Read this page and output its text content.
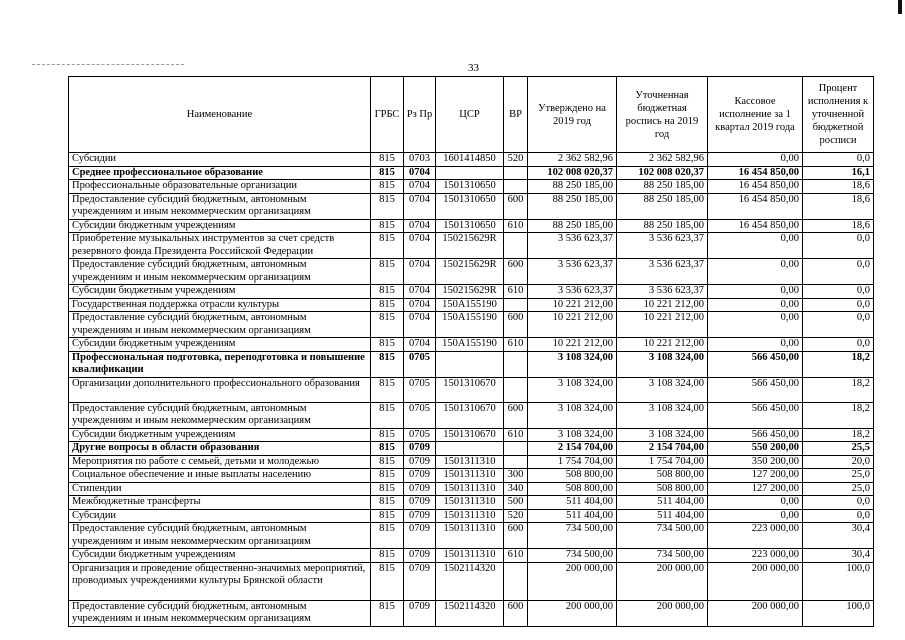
33
Наименование	ГРБС	Рз Пр	ЦСР	ВР	Утверждено на 2019 год	Уточненная бюджетная роспись на 2019 год	Кассовое исполнение за 1 квартал 2019 года	Процент исполнения к уточненной бюджетной росписи
Субсидии	815	0703	1601414850	520	2 362 582,96	2 362 582,96	0,00	0,0
Среднее профессиональное образование	815	0704			102 008 020,37	102 008 020,37	16 454 850,00	16,1
Профессиональные образовательные организации	815	0704	1501310650		88 250 185,00	88 250 185,00	16 454 850,00	18,6
Предоставление субсидий бюджетным, автономным учреждениям и иным некоммерческим организациям	815	0704	1501310650	600	88 250 185,00	88 250 185,00	16 454 850,00	18,6
Субсидии бюджетным учреждениям	815	0704	1501310650	610	88 250 185,00	88 250 185,00	16 454 850,00	18,6
Приобретение музыкальных инструментов за счет средств резервного фонда Президента Российской Федерации	815	0704	150215629R		3 536 623,37	3 536 623,37	0,00	0,0
Предоставление субсидий бюджетным, автономным учреждениям и иным некоммерческим организациям	815	0704	150215629R	600	3 536 623,37	3 536 623,37	0,00	0,0
Субсидии бюджетным учреждениям	815	0704	150215629R	610	3 536 623,37	3 536 623,37	0,00	0,0
Государственная поддержка отрасли культуры	815	0704	150A155190		10 221 212,00	10 221 212,00	0,00	0,0
Предоставление субсидий бюджетным, автономным учреждениям и иным некоммерческим организациям	815	0704	150A155190	600	10 221 212,00	10 221 212,00	0,00	0,0
Субсидии бюджетным учреждениям	815	0704	150A155190	610	10 221 212,00	10 221 212,00	0,00	0,0
Профессиональная подготовка, переподготовка и повышение квалификации	815	0705			3 108 324,00	3 108 324,00	566 450,00	18,2
Организации дополнительного профессионального образования	815	0705	1501310670		3 108 324,00	3 108 324,00	566 450,00	18,2
Предоставление субсидий бюджетным, автономным учреждениям и иным некоммерческим организациям	815	0705	1501310670	600	3 108 324,00	3 108 324,00	566 450,00	18,2
Субсидии бюджетным учреждениям	815	0705	1501310670	610	3 108 324,00	3 108 324,00	566 450,00	18,2
Другие вопросы в области образования	815	0709			2 154 704,00	2 154 704,00	550 200,00	25,5
Мероприятия по работе с семьей, детьми и молодежью	815	0709	1501311310		1 754 704,00	1 754 704,00	350 200,00	20,0
Социальное обеспечение и иные выплаты населению	815	0709	1501311310	300	508 800,00	508 800,00	127 200,00	25,0
Стипендии	815	0709	1501311310	340	508 800,00	508 800,00	127 200,00	25,0
Межбюджетные трансферты	815	0709	1501311310	500	511 404,00	511 404,00	0,00	0,0
Субсидии	815	0709	1501311310	520	511 404,00	511 404,00	0,00	0,0
Предоставление субсидий бюджетным, автономным учреждениям и иным некоммерческим организациям	815	0709	1501311310	600	734 500,00	734 500,00	223 000,00	30,4
Субсидии бюджетным учреждениям	815	0709	1501311310	610	734 500,00	734 500,00	223 000,00	30,4
Организация и проведение общественно-значимых мероприятий, проводимых учреждениями культуры Брянской области	815	0709	1502114320		200 000,00	200 000,00	200 000,00	100,0
Предоставление субсидий бюджетным, автономным учреждениям и иным некоммерческим организациям	815	0709	1502114320	600	200 000,00	200 000,00	200 000,00	100,0
